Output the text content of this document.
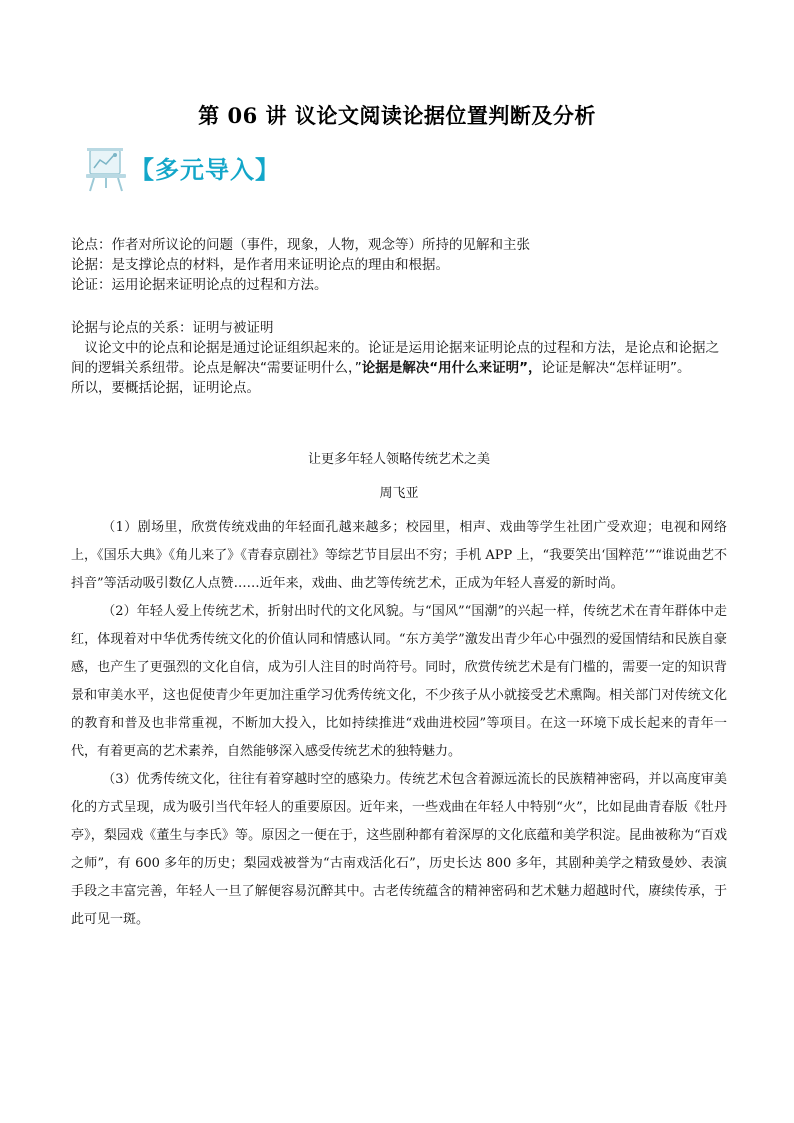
第 06 讲 议论文阅读论据位置判断及分析
【多元导入】

论点：作者对所议论的问题（事件，现象，人物，观念等）所持的见解和主张

论据：是支撑论点的材料，是作者用来证明论点的理由和根据。

论证：运用论据来证明论点的过程和方法。

论据与论点的关系：证明与被证明

议论文中的论点和论据是通过论证组织起来的。论证是运用论据来证明论点的过程和方法，是论点和论据之间的逻辑关系纽带。论点是解决“需要证明什么，”论据是解决“用什么来证明”，论证是解决“怎样证明”。

所以，要概括论据，证明论点。

让更多年轻人领略传统艺术之美
周飞亚

（1）剧场里，欣赏传统戏曲的年轻面孔越来越多；校园里，相声、戏曲等学生社团广受欢迎；电视和网络上，《国乐大典》《角儿来了》《青春京剧社》等综艺节目层出不穷；手机 APP 上，“我要笑出‘国粹范’”“谁说曲艺不抖音”等活动吸引数亿人点赞……近年来，戏曲、曲艺等传统艺术，正成为年轻人喜爱的新时尚。

（2）年轻人爱上传统艺术，折射出时代的文化风貌。与“国风”“国潮”的兴起一样，传统艺术在青年群体中走红，体现着对中华优秀传统文化的价值认同和情感认同。“东方美学”激发出青少年心中强烈的爱国情结和民族自豪感，也产生了更强烈的文化自信，成为引人注目的时尚符号。同时，欣赏传统艺术是有门槛的，需要一定的知识背景和审美水平，这也促使青少年更加注重学习优秀传统文化，不少孩子从小就接受艺术熏陶。相关部门对传统文化的教育和普及也非常重视，不断加大投入，比如持续推进“戏曲进校园”等项目。在这一环境下成长起来的青年一代，有着更高的艺术素养，自然能够深入感受传统艺术的独特魅力。

（3）优秀传统文化，往往有着穿越时空的感染力。传统艺术包含着源远流长的民族精神密码，并以高度审美化的方式呈现，成为吸引当代年轻人的重要原因。近年来，一些戏曲在年轻人中特别“火”，比如昆曲青春版《牡丹亭》，梨园戏《董生与李氏》等。原因之一便在于，这些剧种都有着深厚的文化底蕴和美学积淀。昆曲被称为“百戏之师”，有 600 多年的历史；梨园戏被誉为“古南戏活化石”，历史长达 800 多年，其剧种美学之精致曼妙、表演手段之丰富完善，年轻人一旦了解便容易沉醉其中。古老传统蕴含的精神密码和艺术魅力超越时代，赓续传承，于此可见一斑。
